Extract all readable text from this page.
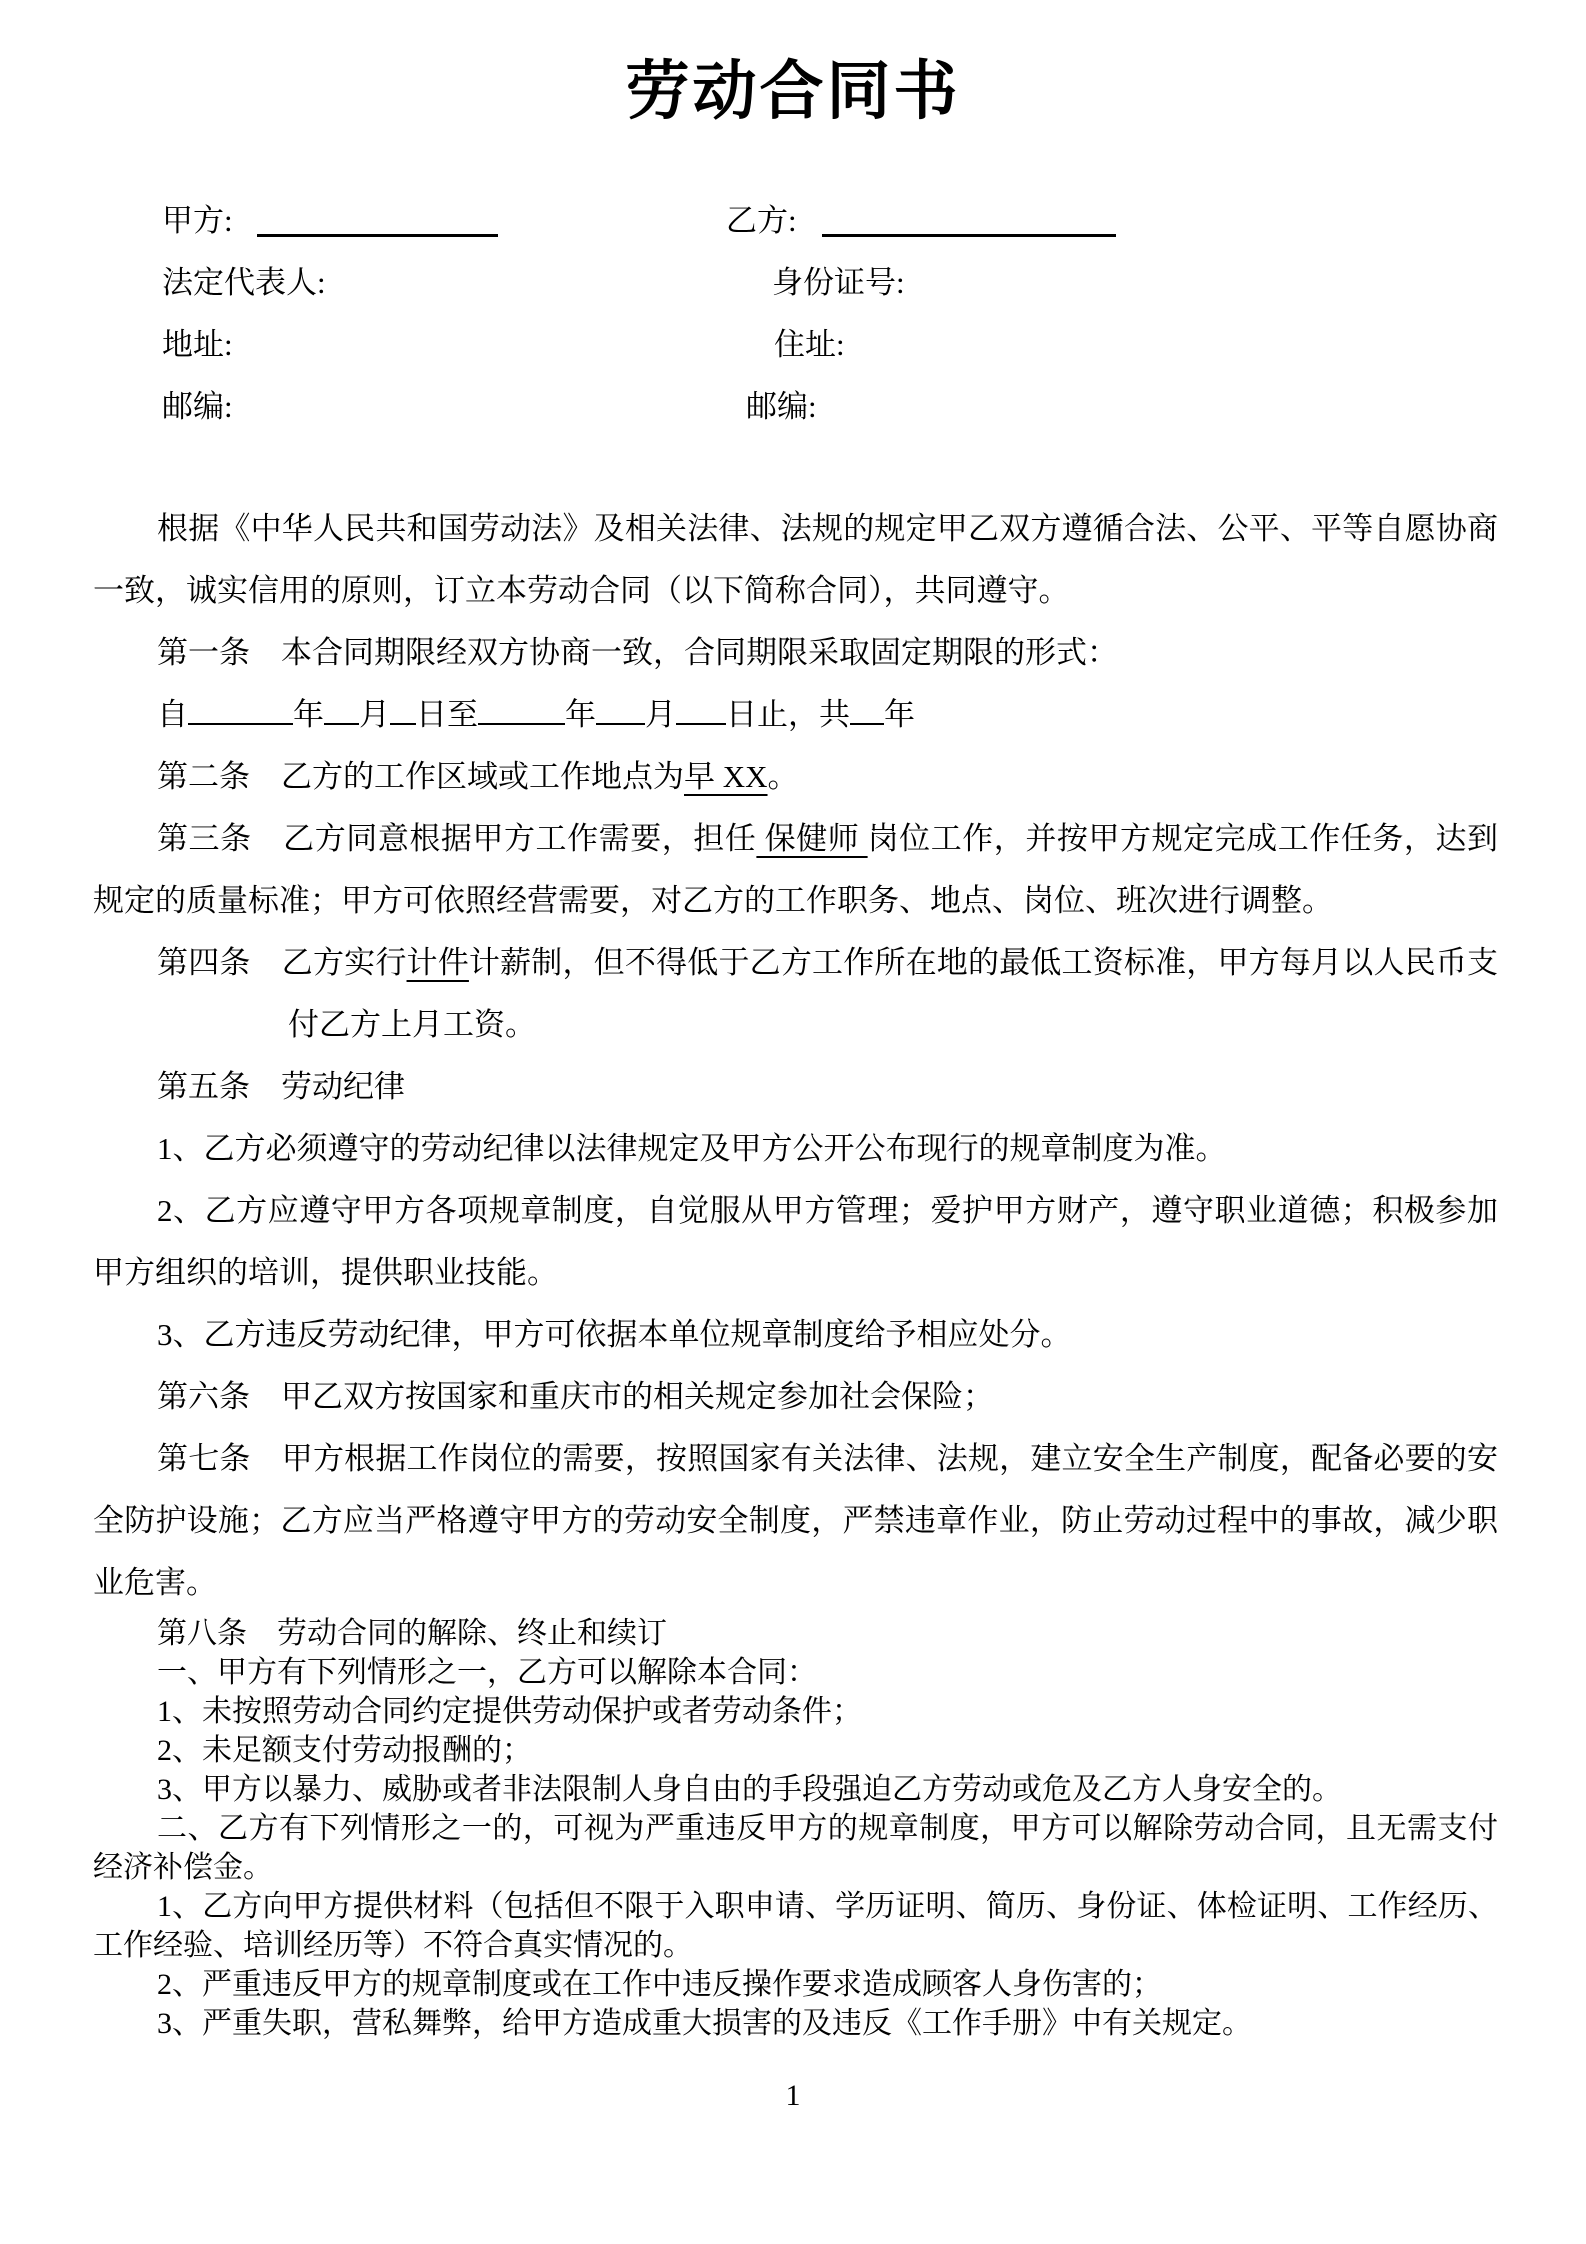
劳动合同书
甲方:	乙方:
法定代表人:	身份证号:
地址:	住址:
邮编:	邮编:

根据《中华人民共和国劳动法》及相关法律、法规的规定甲乙双方遵循合法、公平、平等自愿协商一致，诚实信用的原则，订立本劳动合同（以下简称合同），共同遵守。

第一条　本合同期限经双方协商一致，合同期限采取固定期限的形式：

自	年 月 日至	年 月 日止，共 年

第二条　乙方的工作区域或工作地点为早 XX。

第三条　乙方同意根据甲方工作需要，担任 保健师 岗位工作，并按甲方规定完成工作任务，达到规定的质量标准；甲方可依照经营需要，对乙方的工作职务、地点、岗位、班次进行调整。

第四条　乙方实行计件计薪制，但不得低于乙方工作所在地的最低工资标准，甲方每月以人民币支付乙方上月工资。

第五条　劳动纪律

1、乙方必须遵守的劳动纪律以法律规定及甲方公开公布现行的规章制度为准。

2、乙方应遵守甲方各项规章制度，自觉服从甲方管理；爱护甲方财产，遵守职业道德；积极参加甲方组织的培训，提供职业技能。

3、乙方违反劳动纪律，甲方可依据本单位规章制度给予相应处分。

第六条　甲乙双方按国家和重庆市的相关规定参加社会保险；

第七条　甲方根据工作岗位的需要，按照国家有关法律、法规，建立安全生产制度，配备必要的安全防护设施；乙方应当严格遵守甲方的劳动安全制度，严禁违章作业，防止劳动过程中的事故，减少职业危害。

第八条　劳动合同的解除、终止和续订

一、甲方有下列情形之一，乙方可以解除本合同：

1、未按照劳动合同约定提供劳动保护或者劳动条件；

2、未足额支付劳动报酬的；

3、甲方以暴力、威胁或者非法限制人身自由的手段强迫乙方劳动或危及乙方人身安全的。

二、乙方有下列情形之一的，可视为严重违反甲方的规章制度，甲方可以解除劳动合同，且无需支付经济补偿金。

1、乙方向甲方提供材料（包括但不限于入职申请、学历证明、简历、身份证、体检证明、工作经历、工作经验、培训经历等）不符合真实情况的。

2、严重违反甲方的规章制度或在工作中违反操作要求造成顾客人身伤害的；

3、严重失职，营私舞弊，给甲方造成重大损害的及违反《工作手册》中有关规定。

1
